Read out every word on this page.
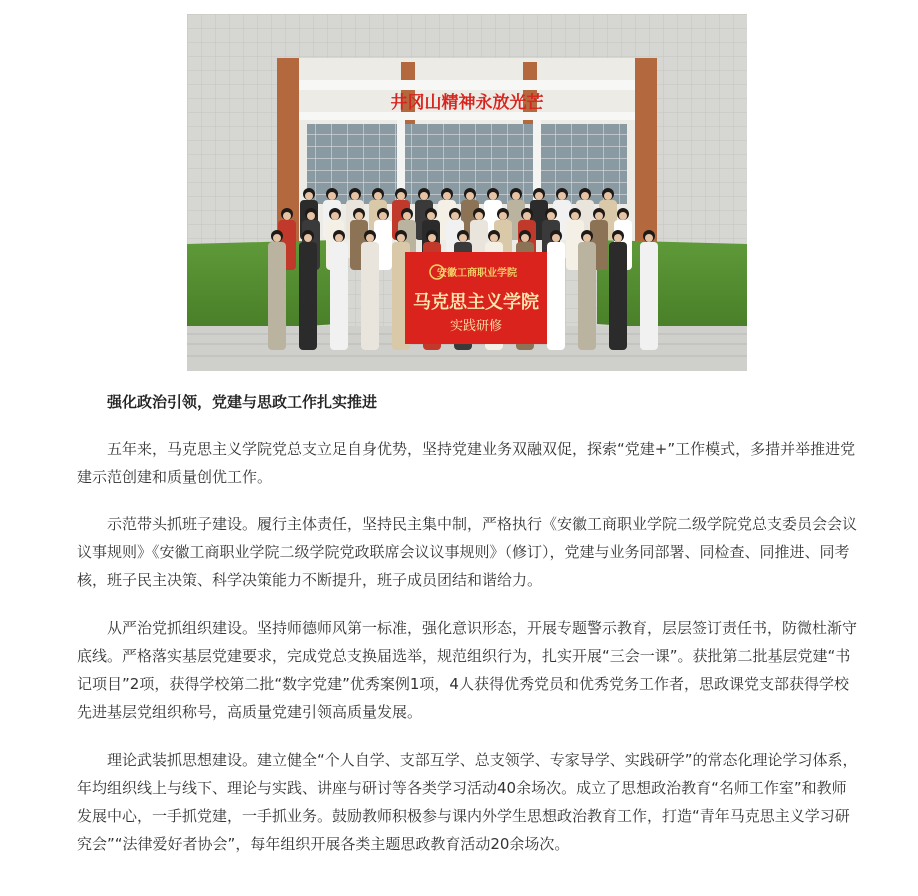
井冈山精神永放光芒
安徽工商职业学院
马克思主义学院
实践研修
强化政治引领，党建与思政工作扎实推进

五年来，马克思主义学院党总支立足自身优势，坚持党建业务双融双促，探索“党建+”工作模式，多措并举推进党建示范创建和质量创优工作。

示范带头抓班子建设。履行主体责任，坚持民主集中制，严格执行《安徽工商职业学院二级学院党总支委员会会议议事规则》《安徽工商职业学院二级学院党政联席会议议事规则》（修订），党建与业务同部署、同检查、同推进、同考核，班子民主决策、科学决策能力不断提升，班子成员团结和谐给力。

从严治党抓组织建设。坚持师德师风第一标准，强化意识形态，开展专题警示教育，层层签订责任书，防微杜渐守底线。严格落实基层党建要求，完成党总支换届选举，规范组织行为，扎实开展“三会一课”。获批第二批基层党建“书记项目”2项，获得学校第二批“数字党建”优秀案例1项，4人获得优秀党员和优秀党务工作者，思政课党支部获得学校先进基层党组织称号，高质量党建引领高质量发展。

理论武装抓思想建设。建立健全“个人自学、支部互学、总支领学、专家导学、实践研学”的常态化理论学习体系，年均组织线上与线下、理论与实践、讲座与研讨等各类学习活动40余场次。成立了思想政治教育“名师工作室”和教师发展中心，一手抓党建，一手抓业务。鼓励教师积极参与课内外学生思想政治教育工作，打造“青年马克思主义学习研究会”“法律爱好者协会”，每年组织开展各类主题思政教育活动20余场次。
